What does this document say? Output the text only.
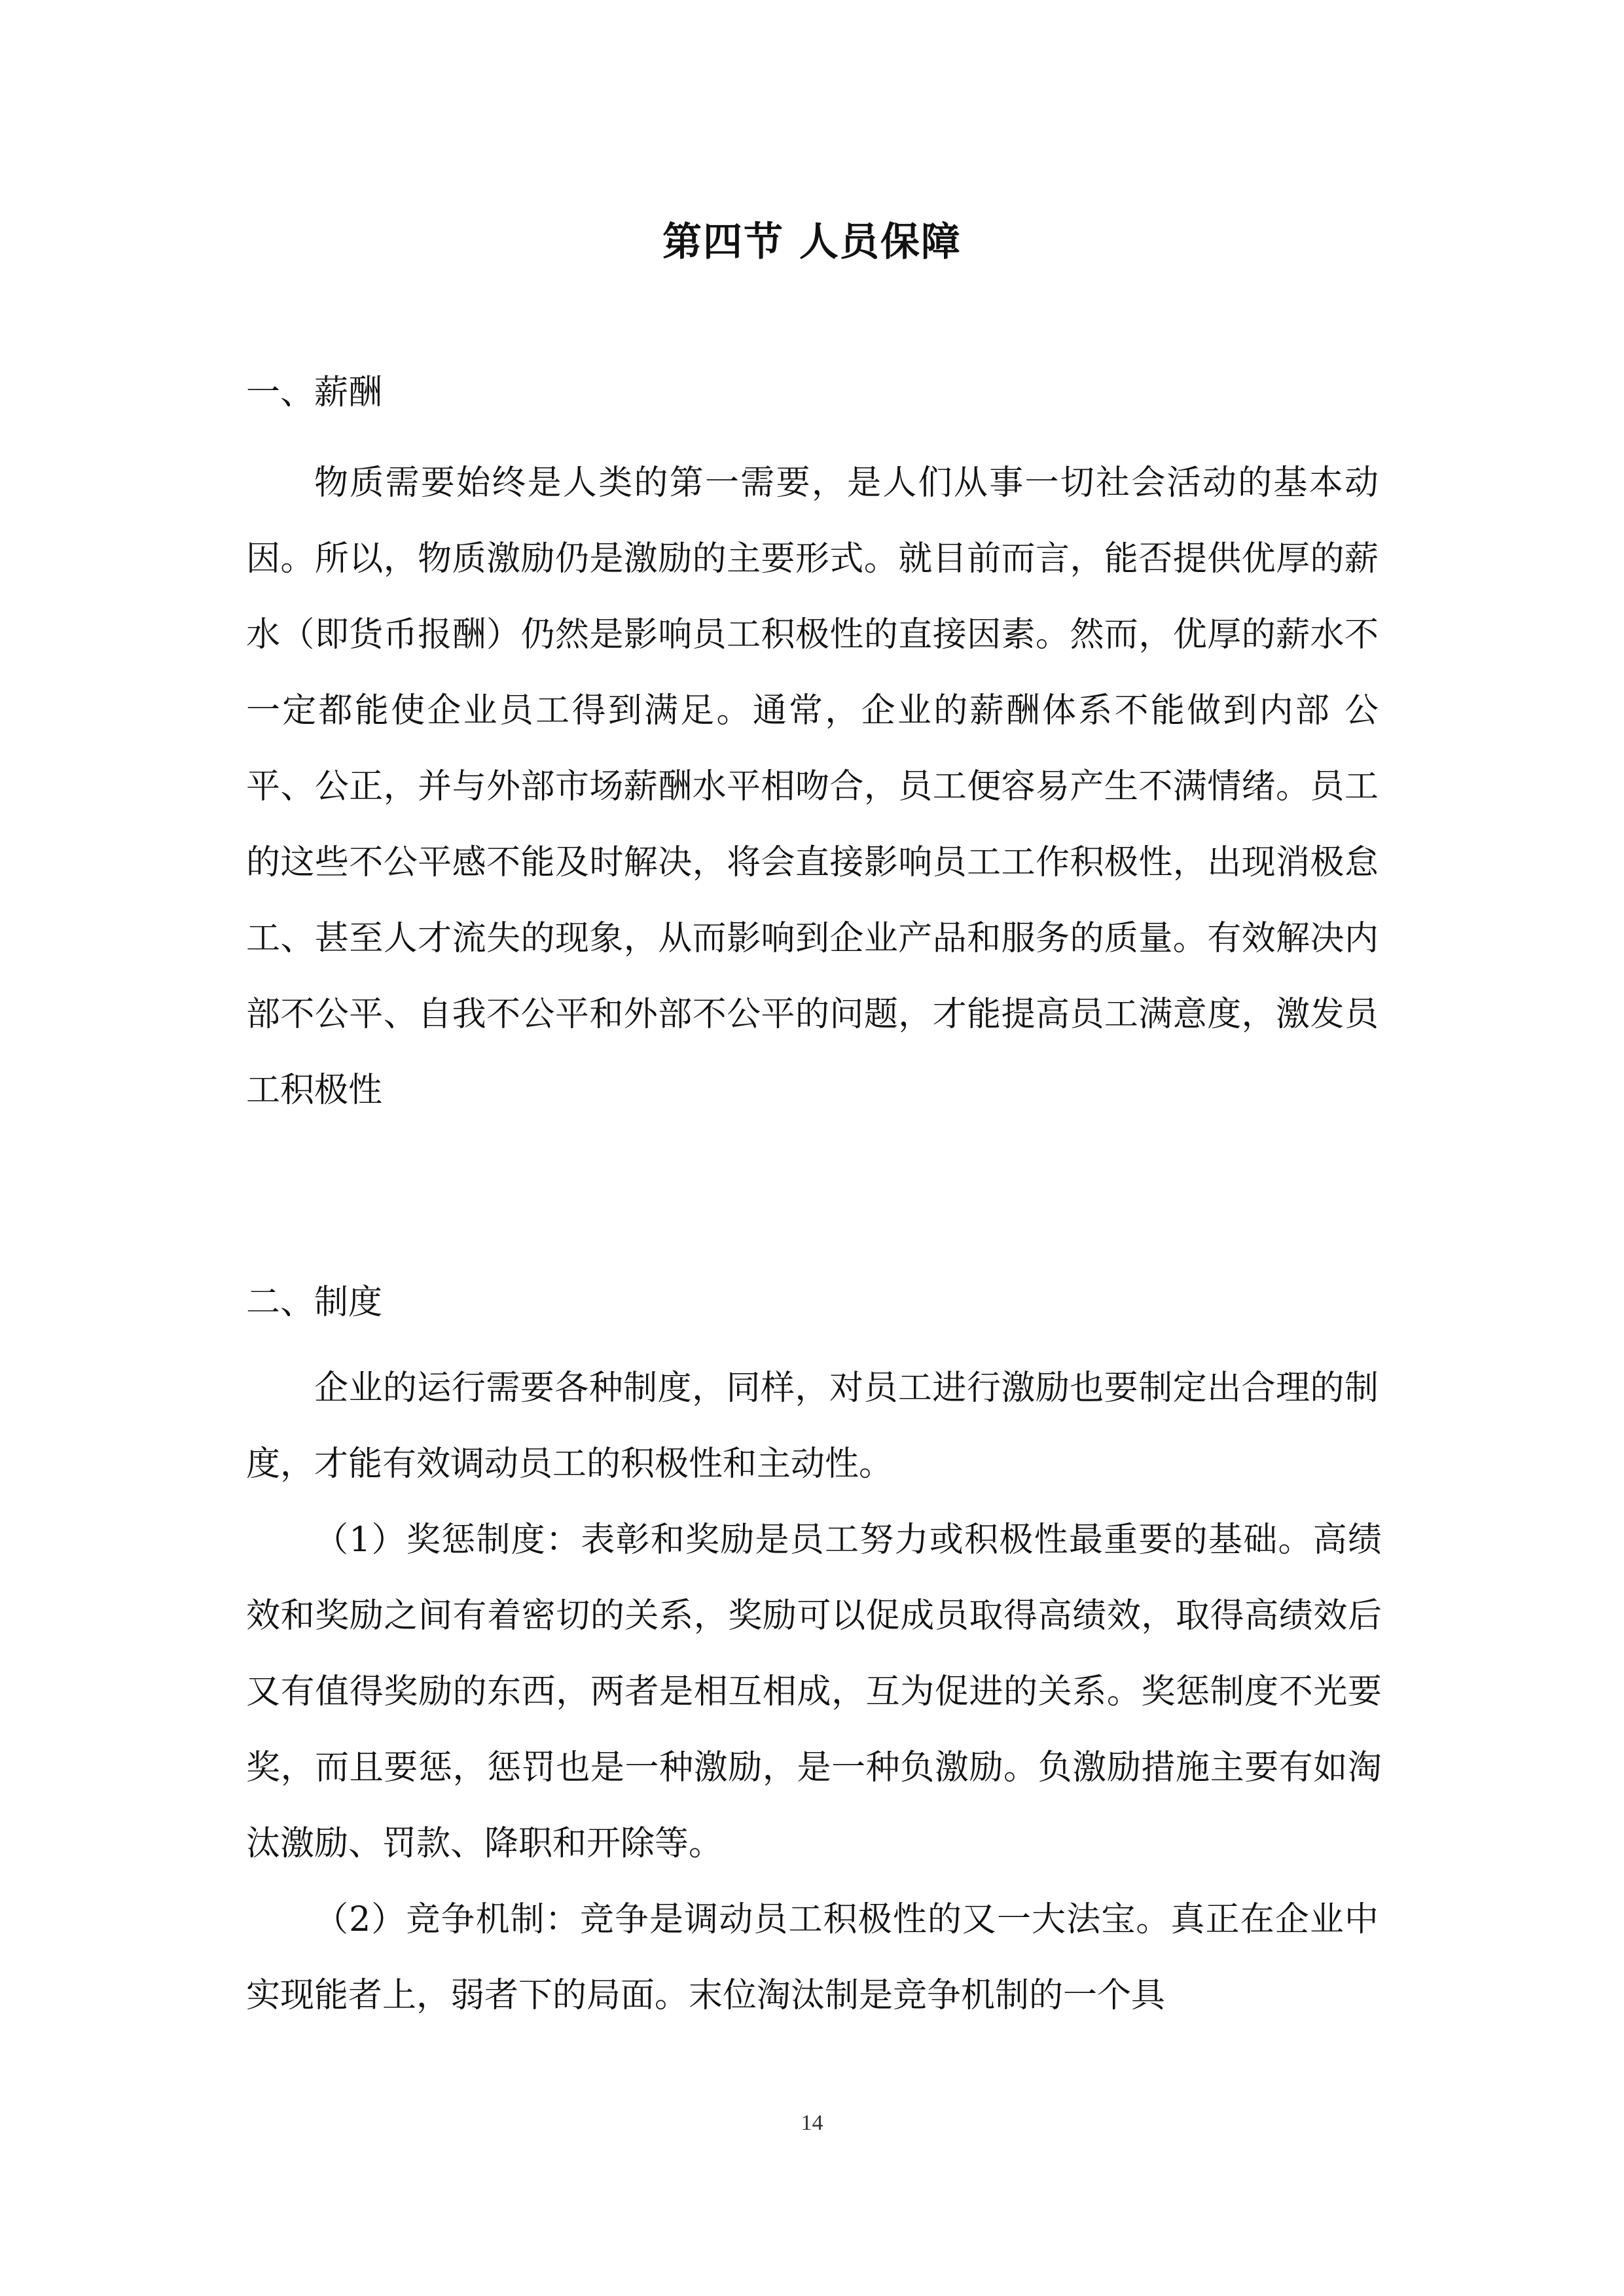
第四节 人员保障
一、薪酬
物质需要始终是人类的第一需要，是人们从事一切社会活动的基本动因。所以，物质激励仍是激励的主要形式。就目前而言，能否提供优厚的薪水（即货币报酬）仍然是影响员工积极性的直接因素。然而，优厚的薪水不一定都能使企业员工得到满足。通常，企业的薪酬体系不能做到内部 公平、公正，并与外部市场薪酬水平相吻合，员工便容易产生不满情绪。员工的这些不公平感不能及时解决，将会直接影响员工工作积极性，出现消极怠工、甚至人才流失的现象，从而影响到企业产品和服务的质量。有效解决内部不公平、自我不公平和外部不公平的问题，才能提高员工满意度，激发员工积极性
二、制度
企业的运行需要各种制度，同样，对员工进行激励也要制定出合理的制度，才能有效调动员工的积极性和主动性。
（1）奖惩制度：表彰和奖励是员工努力或积极性最重要的基础。高绩效和奖励之间有着密切的关系，奖励可以促成员取得高绩效，取得高绩效后又有值得奖励的东西，两者是相互相成，互为促进的关系。奖惩制度不光要奖，而且要惩，惩罚也是一种激励，是一种负激励。负激励措施主要有如淘汰激励、罚款、降职和开除等。
（2）竞争机制：竞争是调动员工积极性的又一大法宝。真正在企业中实现能者上，弱者下的局面。末位淘汰制是竞争机制的一个具
14
